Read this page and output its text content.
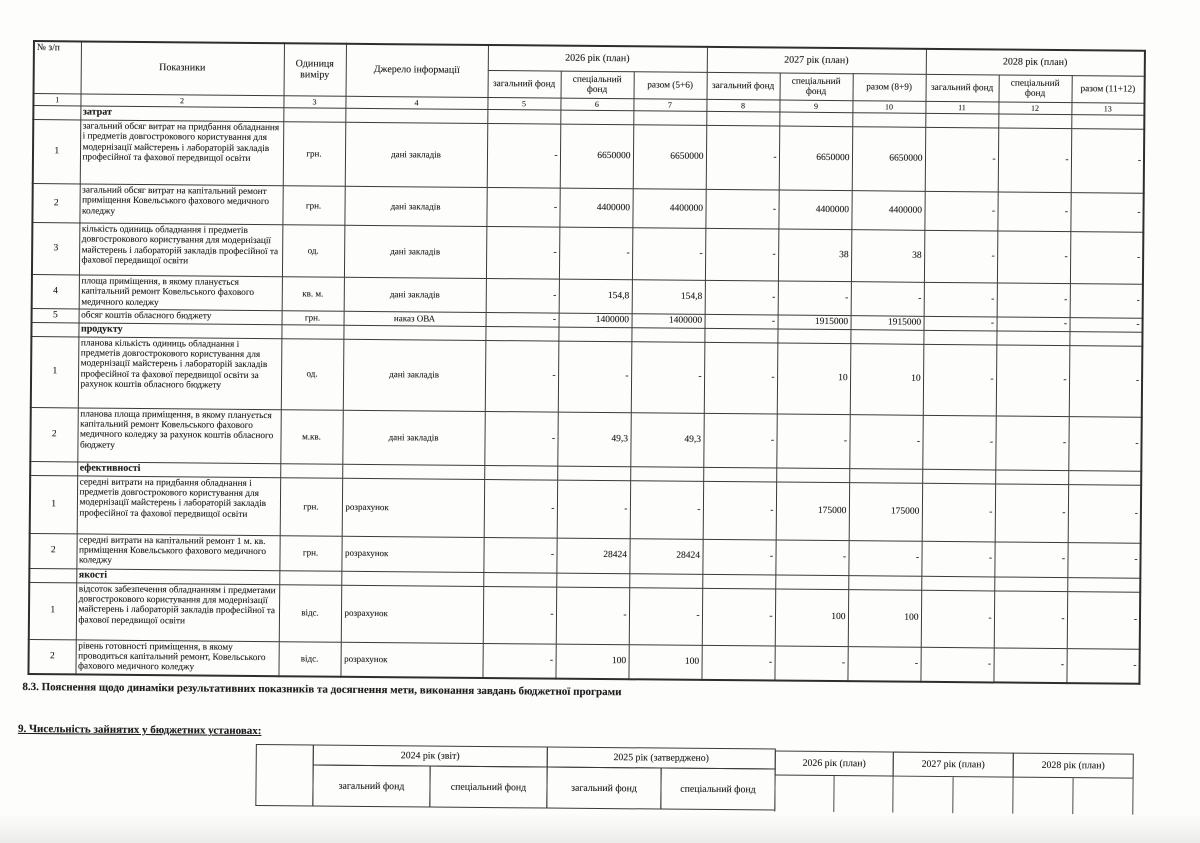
№ з/п	Показники	Одиниця виміру	Джерело інформації	2026 рік (план)			2027 рік (план)			2028 рік (план)		
				загальний фонд	спеціальний фонд	разом (5+6)	загальний фонд	спеціальний фонд	разом (8+9)	загальний фонд	спеціальний фонд	разом (11+12)
1	2	3	4	5	6	7	8	9	10	11	12	13
	затрат											
1	загальний обсяг витрат на придбання обладнання і предметів довгострокового користування для модернізації майстерень і лабораторій закладів професійної та фахової передвищої освіти	грн.	дані закладів	-	6650000	6650000	-	6650000	6650000	-	-	-
2	загальний обсяг витрат на капітальний ремонт приміщення Ковельського фахового медичного коледжу	грн.	дані закладів	-	4400000	4400000	-	4400000	4400000	-	-	-
3	кількість одиниць обладнання і предметів довгострокового користування для модернізації майстерень і лабораторій закладів професійної та фахової передвищої освіти	од.	дані закладів	-	-	-	-	38	38	-	-	-
4	площа приміщення, в якому планується капітальний ремонт Ковельського фахового медичного коледжу	кв. м.	дані закладів	-	154,8	154,8	-	-	-	-	-	-
5	обсяг коштів обласного бюджету	грн.	наказ ОВА	-	1400000	1400000	-	1915000	1915000	-	-	-
	продукту											
1	планова кількість одиниць обладнання і предметів довгострокового користування для модернізації майстерень і лабораторій закладів професійної та фахової передвищої освіти за рахунок коштів обласного бюджету	од.	дані закладів	-	-	-	-	10	10	-	-	-
2	планова площа приміщення, в якому планується капітальний ремонт Ковельського фахового медичного коледжу за рахунок коштів обласного бюджету	м.кв.	дані закладів	-	49,3	49,3	-	-	-	-	-	-
	ефективності											
1	середні витрати на придбання обладнання і предметів довгострокового користування для модернізації майстерень і лабораторій закладів професійної та фахової передвищої освіти	грн.	розрахунок	-	-	-	-	175000	175000	-	-	-
2	середні витрати на капітальний ремонт 1 м. кв. приміщення Ковельського фахового медичного коледжу	грн.	розрахунок	-	28424	28424	-	-	-	-	-	-
	якості											
1	відсоток забезпечення обладнанням і предметами довгострокового користування для модернізації майстерень і лабораторій закладів професійної та фахової передвищої освіти	відс.	розрахунок	-	-	-	-	100	100	-	-	-
2	рівень готовності приміщення, в якому проводиться капітальний ремонт, Ковельського фахового медичного коледжу	відс.	розрахунок	-	100	100	-	-	-	-	-	-
8.3. Пояснення щодо динаміки результативних показників та досягнення мети, виконання завдань бюджетної програми
9. Чисельність зайнятих у бюджетних установах:
2024 рік (звіт)
загальний фонд	спеціальний фонд
2025 рік (затверджено)
загальний фонд	спеціальний фонд
2026 рік (план)	2027 рік (план)	2028 рік (план)
